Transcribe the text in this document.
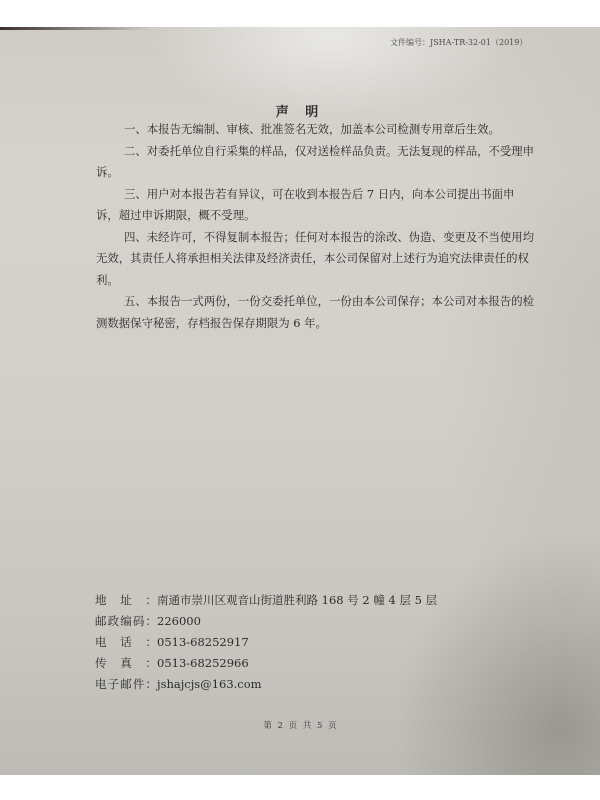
文件编号：JSHA-TR-32-01（2019）
声 明

一、本报告无编制、审核、批准签名无效，加盖本公司检测专用章后生效。

二、对委托单位自行采集的样品，仅对送检样品负责。无法复现的样品，不受理申诉。

三、用户对本报告若有异议，可在收到本报告后 7 日内，向本公司提出书面申诉，超过申诉期限，概不受理。

四、未经许可，不得复制本报告；任何对本报告的涂改、伪造、变更及不当使用均无效，其责任人将承担相关法律及经济责任，本公司保留对上述行为追究法律责任的权利。

五、本报告一式两份，一份交委托单位，一份由本公司保存；本公司对本报告的检测数据保守秘密，存档报告保存期限为 6 年。

地址： 南通市崇川区观音山街道胜利路 168 号 2 幢 4 层 5 层
邮政编码： 226000
电话： 0513-68252917
传真： 0513-68252966
电子邮件： jshajcjs@163.com
第 2 页 共 5 页
